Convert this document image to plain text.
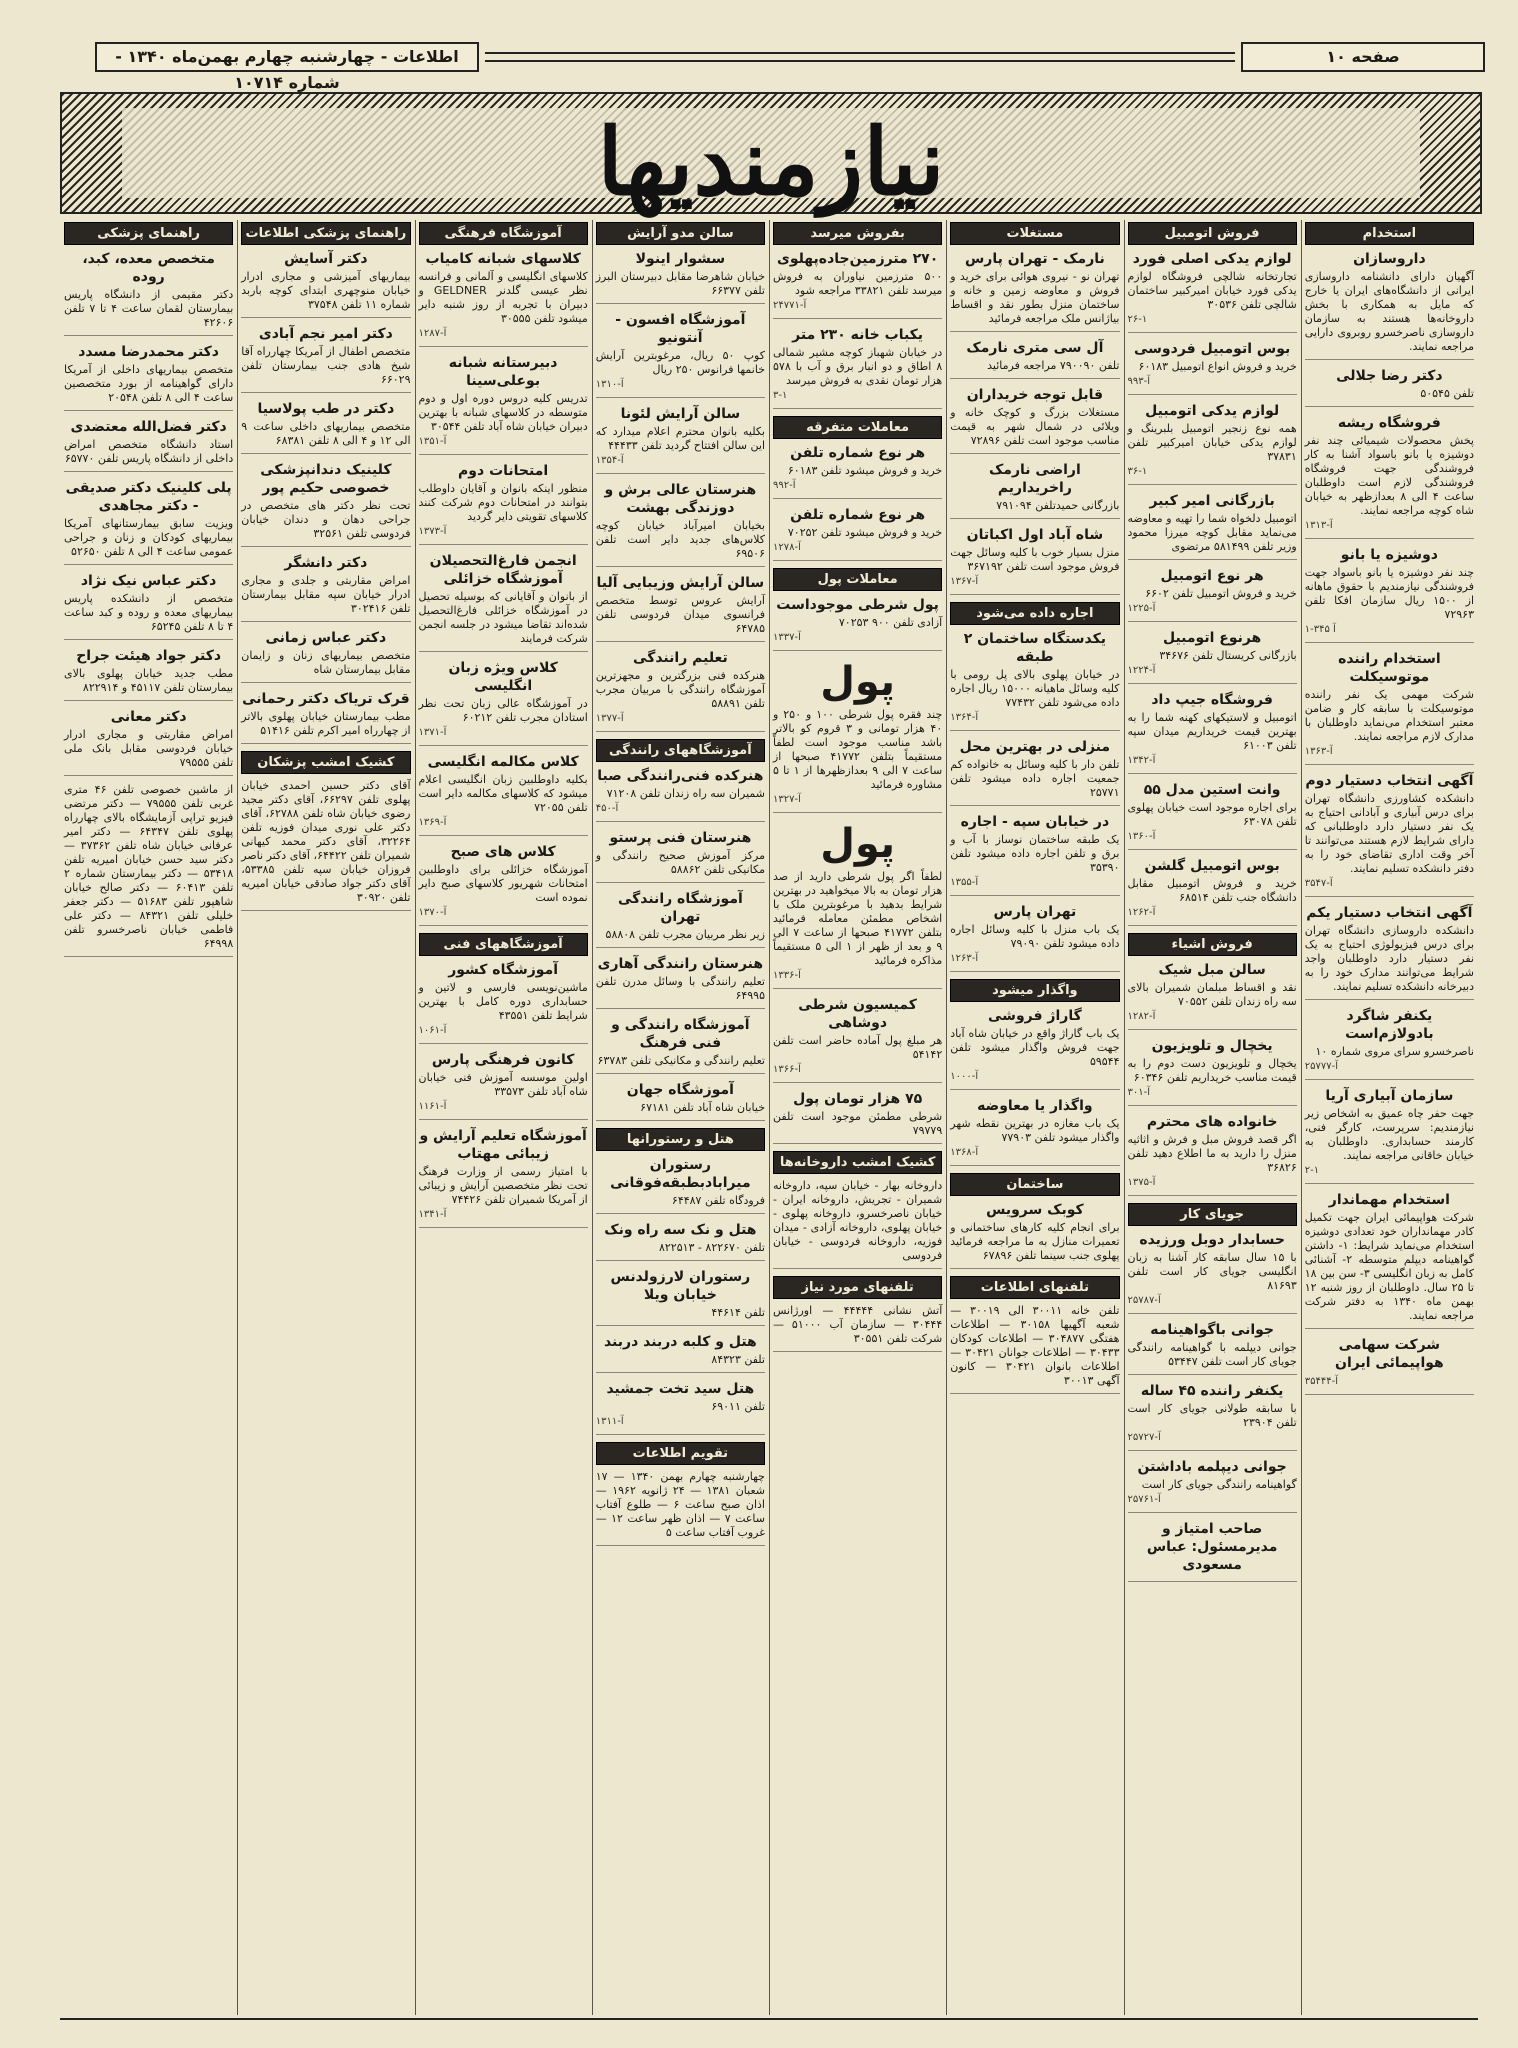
اطلاعات - چهارشنبه چهارم بهمن‌ماه ۱۳۴۰ - شماره ۱۰۷۱۴
صفحه ۱۰
نیازمندیها
استخدام
داروسازان
آگهیان دارای دانشنامه داروسازی ایرانی از دانشگاه‌های ایران یا خارج که مایل به همکاری با بخش داروخانه‌ها هستند به سازمان داروسازی ناصرخسرو روبروی دارایی مراجعه نمایند.
دکتر رضا جلالی
تلفن ۵۰۵۴۵
فروشگاه ریشه
پخش محصولات شیمیائی چند نفر دوشیزه یا بانو باسواد آشنا به کار فروشندگی جهت فروشگاه فروشندگی لازم است داوطلبان ساعت ۴ الی ۸ بعدازظهر به خیابان شاه کوچه مراجعه نمایند.
۱۳۱۳-آ
دوشیزه یا بانو
چند نفر دوشیزه یا بانو باسواد جهت فروشندگی نیازمندیم با حقوق ماهانه از ۱۵۰۰ ریال سازمان افکا تلفن ۷۲۹۶۳
۱-۳۴۵ آ
استخدام راننده موتوسیکلت
شرکت مهمی یک نفر راننده موتوسیکلت با سابقه کار و ضامن معتبر استخدام می‌نماید داوطلبان با مدارک لازم مراجعه نمایند.
۱۳۶۳-آ
آگهی انتخاب دستیار دوم
دانشکده کشاورزی دانشگاه تهران برای درس آبیاری و آبادانی احتیاج به یک نفر دستیار دارد داوطلبانی که دارای شرایط لازم هستند می‌توانند تا آخر وقت اداری تقاضای خود را به دفتر دانشکده تسلیم نمایند.
۳۵۴۷-آ
آگهی انتخاب دستیار یکم
دانشکده داروسازی دانشگاه تهران برای درس فیزیولوژی احتیاج به یک نفر دستیار دارد داوطلبان واجد شرایط می‌توانند مدارک خود را به دبیرخانه دانشکده تسلیم نمایند.
یکنفر شاگرد بادولازم‌است
ناصرخسرو سرای مروی شماره ۱۰
۲۵۷۷۷-آ
سازمان آبیاری آریا
جهت حفر چاه عمیق به اشخاص زیر نیازمندیم: سرپرست، کارگر فنی، کارمند حسابداری. داوطلبان به خیابان خاقانی مراجعه نمایند.
۲-۱
استخدام مهماندار
شرکت هواپیمائی ایران جهت تکمیل کادر مهمانداران خود تعدادی دوشیزه استخدام می‌نماید شرایط: ۱- داشتن گواهینامه دیپلم متوسطه ۲- آشنائی کامل به زبان انگلیسی ۳- سن بین ۱۸ تا ۲۵ سال. داوطلبان از روز شنبه ۱۲ بهمن ماه ۱۳۴۰ به دفتر شرکت مراجعه نمایند.
شرکت سهامی هواپیمائی ایران
۳۵۴۴۴-آ
فروش اتومبیل
لوازم یدکی اصلی فورد
تجارتخانه شالچی فروشگاه لوازم یدکی فورد خیابان امیرکبیر ساختمان شالچی تلفن ۳۰۵۳۶
۲۶-۱
بوس اتومبیل فردوسی
خرید و فروش انواع اتومبیل ۶۰۱۸۳
۹۹۳-آ
لوازم یدکی اتومبیل
همه نوع زنجیر اتومبیل بلبرینگ و لوازم یدکی خیابان امیرکبیر تلفن ۳۷۸۳۱
۳۶-۱
بازرگانی امیر کبیر
اتومبیل دلخواه شما را تهیه و معاوضه می‌نماید مقابل کوچه میرزا محمود وزیر تلفن ۵۸۱۴۹۹ مرتضوی
هر نوع اتومبیل
خرید و فروش اتومبیل تلفن ۶۶۰۲
۱۲۲۵-آ
هرنوع اتومبیل
بازرگانی کریستال تلفن ۳۴۶۷۶
۱۲۲۴-آ
فروشگاه جیپ داد
اتومبیل و لاستیکهای کهنه شما را به بهترین قیمت خریداریم میدان سپه تلفن ۶۱۰۰۳
۱۳۴۲-آ
وانت استین مدل ۵۵
برای اجاره موجود است خیابان پهلوی تلفن ۶۳۰۷۸
۱۳۶۰-آ
بوس اتومبیل گلشن
خرید و فروش اتومبیل مقابل دانشگاه جنب تلفن ۶۸۵۱۴
۱۲۶۲-آ
فروش اشیاء
سالن مبل شیک
نقد و اقساط مبلمان شمیران بالای سه راه زندان تلفن ۷۰۵۵۲
۱۲۸۲-آ
یخچال و تلویزیون
یخچال و تلویزیون دست دوم را به قیمت مناسب خریداریم تلفن ۶۰۳۴۶
۳۰۱-آ
خانواده های محترم
اگر قصد فروش مبل و فرش و اثاثیه منزل را دارید به ما اطلاع دهید تلفن ۳۶۸۲۶
۱۳۷۵-آ
جویای کار
حسابدار دوبل ورزیده
با ۱۵ سال سابقه کار آشنا به زبان انگلیسی جویای کار است تلفن ۸۱۶۹۳
۲۵۷۸۷-آ
جوانی باگواهینامه
جوانی دیپلمه با گواهینامه رانندگی جویای کار است تلفن ۵۳۴۴۷
یکنفر راننده ۴۵ ساله
با سابقه طولانی جویای کار است تلفن ۲۳۹۰۴
۲۵۷۲۷-آ
جوانی دیپلمه باداشتن
گواهینامه رانندگی جویای کار است
۲۵۷۶۱-آ
صاحب امتیاز و مدیرمسئول: عباس مسعودی
مستغلات
نارمک - تهران پارس
تهران نو - نیروی هوائی برای خرید و فروش و معاوضه زمین و خانه و ساختمان منزل بطور نقد و اقساط بیاژانس ملک مراجعه فرمائید
آل سی متری نارمک
تلفن ۷۹۰۰۹۰ مراجعه فرمائید
قابل توجه خریداران
مستغلات بزرگ و کوچک خانه و ویلائی در شمال شهر به قیمت مناسب موجود است تلفن ۷۲۸۹۶
اراضی نارمک راخریداریم
بازرگانی حمیدتلفن ۷۹۱۰۹۴
شاه آباد اول اکباتان
منزل بسیار خوب با کلیه وسائل جهت فروش موجود است تلفن ۳۶۷۱۹۲
۱۳۶۷-آ
اجاره داده می‌شود
یکدستگاه ساختمان ۲ طبقه
در خیابان پهلوی بالای پل رومی با کلیه وسائل ماهیانه ۱۵۰۰۰ ریال اجاره داده می‌شود تلفن ۷۷۴۳۲
۱۳۶۴-آ
منزلی در بهترین محل
تلفن دار با کلیه وسائل به خانواده کم جمعیت اجاره داده میشود تلفن ۲۵۷۷۱
در خیابان سپه - اجاره
یک طبقه ساختمان نوساز با آب و برق و تلفن اجاره داده میشود تلفن ۳۵۳۹۰
۱۳۵۵-آ
تهران پارس
یک باب منزل با کلیه وسائل اجاره داده میشود تلفن ۷۹۰۹۰
۱۲۶۳-آ
واگذار میشود
گاراژ فروشی
یک باب گاراژ واقع در خیابان شاه آباد جهت فروش واگذار میشود تلفن ۵۹۵۴۴
۱۰۰۰-آ
واگذار یا معاوضه
یک باب مغازه در بهترین نقطه شهر واگذار میشود تلفن ۷۷۹۰۳
۱۳۶۸-آ
ساختمان
کوبک سرویس
برای انجام کلیه کارهای ساختمانی و تعمیرات منازل به ما مراجعه فرمائید پهلوی جنب سینما تلفن ۶۷۸۹۶
تلفنهای اطلاعات
تلفن خانه ۳۰۰۱۱ الی ۳۰۰۱۹ — شعبه آگهیها ۳۰۱۵۸ — اطلاعات هفتگی ۳۰۴۸۷۷ — اطلاعات کودکان ۳۰۴۳۳ — اطلاعات جوانان ۳۰۴۲۱ — اطلاعات بانوان ۳۰۴۲۱ — کانون آگهی ۳۰۰۱۳
بفروش میرسد
۲۷۰ مترزمین‌جاده‌پهلوی
۵۰۰ مترزمین نیاوران به فروش میرسد تلفن ۳۳۸۲۱ مراجعه شود
۲۴۷۷۱-آ
یکباب خانه ۲۳۰ متر
در خیابان شهباز کوچه مشیر شمالی ۸ اطاق و دو انبار برق و آب با ۵۷۸ هزار تومان نقدی به فروش میرسد
۳-۱
معاملات متفرقه
هر نوع شماره تلفن
خرید و فروش میشود تلفن ۶۰۱۸۳
۹۹۲-آ
هر نوع شماره تلفن
خرید و فروش میشود تلفن ۷۰۲۵۲
۱۲۷۸-آ
معاملات پول
پول شرطی موجوداست
آزادی تلفن ۹۰۰ ۷۰۲۵۳
۱۳۳۷-آ
پول
چند فقره پول شرطی ۱۰۰ و ۲۵۰ و ۴۰ هزار تومانی و ۳ قروم کو بالاتر باشد مناسب موجود است لطفاً مستقیماً بتلفن ۴۱۷۷۲ صبحها از ساعت ۷ الی ۹ بعدازظهرها از ۱ تا ۵ مشاوره فرمائید
۱۳۲۷-آ
پول
لطفاً اگر پول شرطی دارید از صد هزار تومان به بالا میخواهید در بهترین شرایط بدهید با مرغوبترین ملک با اشخاص مطمئن معامله فرمائید بتلفن ۴۱۷۷۲ صبحها از ساعت ۷ الی ۹ و بعد از ظهر از ۱ الی ۵ مستقیماً مذاکره فرمائید
۱۳۳۶-آ
کمیسیون شرطی دوشاهی
هر مبلغ پول آماده حاضر است تلفن ۵۴۱۴۲
۱۳۶۶-آ
۷۵ هزار تومان پول
شرطی مطمئن موجود است تلفن ۷۹۷۷۹
کشیک امشب داروخانه‌ها
داروخانه بهار - خیابان سپه، داروخانه شمیران - تجریش، داروخانه ایران - خیابان ناصرخسرو، داروخانه پهلوی - خیابان پهلوی، داروخانه آزادی - میدان فوزیه، داروخانه فردوسی - خیابان فردوسی
تلفنهای مورد نیاز
آتش نشانی ۴۴۴۴۴ — اورژانس ۳۰۴۴۴ — سازمان آب ۵۱۰۰۰ — شرکت تلفن ۳۰۵۵۱
سالن مدو آرایش
سشوار اینولا
خیابان شاهرضا مقابل دبیرستان البرز تلفن ۶۶۳۷۷
آموزشگاه افسون - آنتونیو
کوپ ۵۰ ریال، مرغوبترین آرایش خانمها فرانوس ۲۵۰ ریال
۱۳۱۰-آ
سالن آرایش لئونا
بکلیه بانوان محترم اعلام میدارد که این سالن افتتاح گردید تلفن ۴۴۴۳۳
۱۳۵۴-آ
هنرستان عالی برش و دوزندگی بهشت
بخیابان امیرآباد خیابان کوچه کلاس‌های جدید دایر است تلفن ۶۹۵۰۶
سالن آرایش وزیبایی آلیا
آرایش عروس توسط متخصص فرانسوی میدان فردوسی تلفن ۶۴۷۸۵
تعلیم رانندگی
هنرکده فنی بزرگترین و مجهزترین آموزشگاه رانندگی با مربیان مجرب تلفن ۵۸۸۹۱
۱۳۷۷-آ
آموزشگاههای رانندگی
هنرکده فنی‌رانندگی صبا
شمیران سه راه زندان تلفن ۷۱۲۰۸
۴۵۰-آ
هنرستان فنی پرستو
مرکز آموزش صحیح رانندگی و مکانیکی تلفن ۵۸۸۶۲
آموزشگاه رانندگی تهران
زیر نظر مربیان مجرب تلفن ۵۸۸۰۸
هنرستان رانندگی آهاری
تعلیم رانندگی با وسائل مدرن تلفن ۶۴۹۹۵
آموزشگاه رانندگی و فنی فرهنگ
تعلیم رانندگی و مکانیکی تلفن ۶۳۷۸۳
آموزشگاه جهان
خیابان شاه آباد تلفن ۶۷۱۸۱
هتل و رستورانها
رستوران میرابادبطبقه‌فوقانی
فرودگاه تلفن ۶۴۴۸۷
هتل و نک سه راه ونک
تلفن ۸۲۲۶۷۰ - ۸۲۲۵۱۳
رستوران لارزولدنس خیابان ویلا
تلفن ۴۴۶۱۴
هتل و کلبه دربند دربند
تلفن ۸۴۳۲۳
هتل سید تخت جمشید
تلفن ۶۹۰۱۱
۱۳۱۱-آ
تقویم اطلاعات
چهارشنبه چهارم بهمن ۱۳۴۰ — ۱۷ شعبان ۱۳۸۱ — ۲۴ ژانویه ۱۹۶۲ — اذان صبح ساعت ۶ — طلوع آفتاب ساعت ۷ — اذان ظهر ساعت ۱۲ — غروب آفتاب ساعت ۵
آموزشگاه فرهنگی
کلاسهای شبانه کامیاب
کلاسهای انگلیسی و آلمانی و فرانسه نظر عیسی گلدنر GELDNER و دبیران با تجربه از روز شنبه دایر میشود تلفن ۳۰۵۵۵
۱۲۸۷-آ
دبیرستانه شبانه بوعلی‌سینا
تدریس کلیه دروس دوره اول و دوم متوسطه در کلاسهای شبانه با بهترین دبیران خیابان شاه آباد تلفن ۳۰۵۴۴
۱۳۵۱-آ
امتحانات دوم
منظور اینکه بانوان و آقایان داوطلب بتوانند در امتحانات دوم شرکت کنند کلاسهای تقویتی دایر گردید
۱۳۷۳-آ
انجمن فارغ‌التحصیلان آموزشگاه خزائلی
از بانوان و آقایانی که بوسیله تحصیل در آموزشگاه خزائلی فارغ‌التحصیل شده‌اند تقاضا میشود در جلسه انجمن شرکت فرمایند
کلاس ویژه زبان انگلیسی
در آموزشگاه عالی زبان تحت نظر استادان مجرب تلفن ۶۰۲۱۲
۱۳۷۱-آ
کلاس مکالمه انگلیسی
بکلیه داوطلبین زبان انگلیسی اعلام میشود که کلاسهای مکالمه دایر است تلفن ۷۲۰۵۵
۱۳۶۹-آ
کلاس های صبح
آموزشگاه خزائلی برای داوطلبین امتحانات شهریور کلاسهای صبح دایر نموده است
۱۳۷۰-آ
آموزشگاههای فنی
آموزشگاه کشور
ماشین‌نویسی فارسی و لاتین و حسابداری دوره کامل با بهترین شرایط تلفن ۴۳۵۵۱
۱۰۶۱-آ
کانون فرهنگی پارس
اولین موسسه آموزش فنی خیابان شاه آباد تلفن ۳۳۵۷۳
۱۱۶۱-آ
آموزشگاه تعلیم آرایش و زیبائی مهتاب
با امتیاز رسمی از وزارت فرهنگ تحت نظر متخصصین آرایش و زیبائی از آمریکا شمیران تلفن ۷۴۴۲۶
۱۳۴۱-آ
راهنمای پزشکی اطلاعات
دکتر آسایش
بیماریهای آمیزشی و مجاری ادرار خیابان منوچهری ابتدای کوچه باربد شماره ۱۱ تلفن ۳۷۵۴۸
دکتر امیر نجم آبادی
متخصص اطفال از آمریکا چهارراه آقا شیخ هادی جنب بیمارستان تلفن ۶۶۰۲۹
دکتر در طب پولاسیا
متخصص بیماریهای داخلی ساعت ۹ الی ۱۲ و ۴ الی ۸ تلفن ۶۸۳۸۱
کلینیک دندانپزشکی خصوصی حکیم پور
تحت نظر دکتر های متخصص در جراحی دهان و دندان خیابان فردوسی تلفن ۳۲۵۶۱
دکتر دانشگر
امراض مقاربتی و جلدی و مجاری ادرار خیابان سپه مقابل بیمارستان تلفن ۳۰۲۴۱۶
دکتر عباس زمانی
متخصص بیماریهای زنان و زایمان مقابل بیمارستان شاه
قرک تریاک دکتر رحمانی
مطب بیمارستان خیابان پهلوی بالاتر از چهارراه امیر اکرم تلفن ۵۱۴۱۶
کشیک امشب پزشکان
آقای دکتر حسین احمدی خیابان پهلوی تلفن ۶۶۲۹۷، آقای دکتر مجید رضوی خیابان شاه تلفن ۶۲۷۸۸، آقای دکتر علی نوری میدان فوزیه تلفن ۳۲۲۶۴، آقای دکتر محمد کیهانی شمیران تلفن ۶۴۴۲۲، آقای دکتر ناصر فروزان خیابان سپه تلفن ۵۳۳۸۵، آقای دکتر جواد صادقی خیابان امیریه تلفن ۳۰۹۲۰
راهنمای پزشکی
متخصص معده، کبد، روده
دکتر مقیمی از دانشگاه پاریس بیمارستان لقمان ساعت ۴ تا ۷ تلفن ۴۲۶۰۶
دکتر محمدرضا مسدد
متخصص بیماریهای داخلی از آمریکا دارای گواهینامه از بورد متخصصین ساعت ۴ الی ۸ تلفن ۲۰۵۴۸
دکتر فضل‌الله معتضدی
استاد دانشگاه متخصص امراض داخلی از دانشگاه پاریس تلفن ۶۵۷۷۰
پلی کلینیک دکتر صدیقی - دکتر مجاهدی
ویزیت سابق بیمارستانهای آمریکا بیماریهای کودکان و زنان و جراحی عمومی ساعت ۴ الی ۸ تلفن ۵۲۶۵۰
دکتر عباس نیک نژاد
متخصص از دانشکده پاریس بیماریهای معده و روده و کبد ساعت ۴ تا ۸ تلفن ۶۵۲۴۵
دکتر جواد هیئت جراح
مطب جدید خیابان پهلوی بالای بیمارستان تلفن ۴۵۱۱۷ و ۸۲۲۹۱۴
دکتر معانی
امراض مقاربتی و مجاری ادرار خیابان فردوسی مقابل بانک ملی تلفن ۷۹۵۵۵
از ماشین خصوصی تلفن ۴۶ متری غربی تلفن ۷۹۵۵۵ — دکتر مرتضی فیزیو تراپی آزمایشگاه بالای چهارراه پهلوی تلفن ۶۴۳۴۷ — دکتر امیر عرفانی خیابان شاه تلفن ۳۷۳۶۲ — دکتر سید حسن خیابان امیریه تلفن ۵۳۴۱۸ — دکتر بیمارستان شماره ۲ تلفن ۶۰۴۱۳ — دکتر صالح خیابان شاهپور تلفن ۵۱۶۸۳ — دکتر جعفر خلیلی تلفن ۸۴۳۲۱ — دکتر علی فاطمی خیابان ناصرخسرو تلفن ۶۴۹۹۸
